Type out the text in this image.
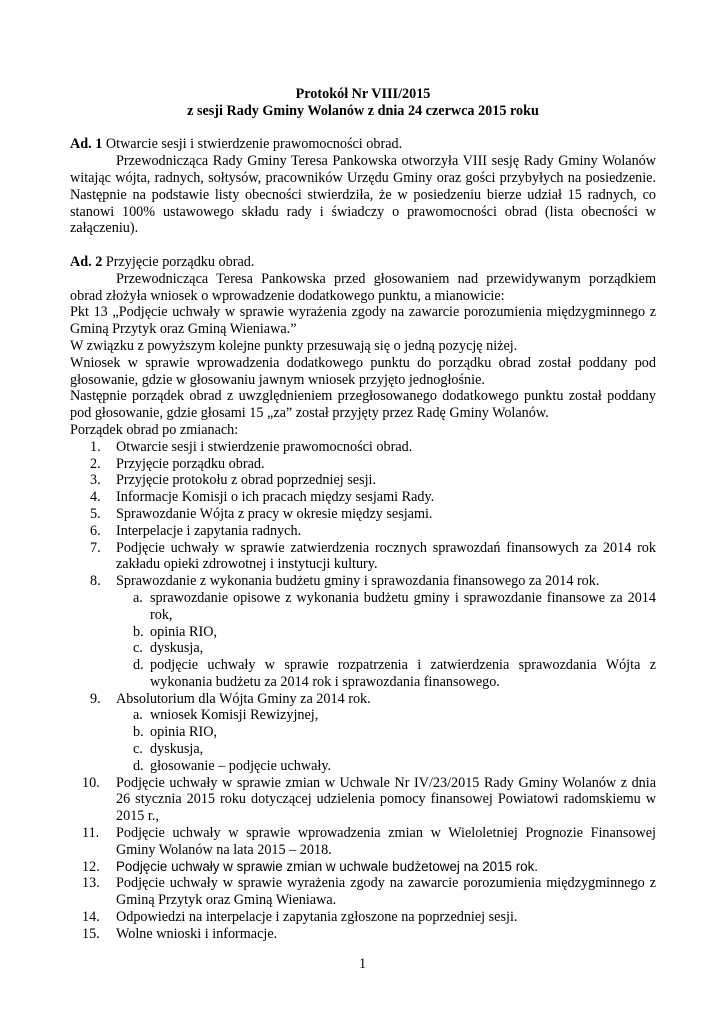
Protokół Nr VIII/2015
z sesji Rady Gminy Wolanów z dnia 24 czerwca 2015 roku
Ad. 1 Otwarcie sesji i stwierdzenie prawomocności obrad.
Przewodnicząca Rady Gminy Teresa Pankowska otworzyła VIII sesję Rady Gminy Wolanów witając wójta, radnych, sołtysów, pracowników Urzędu Gminy oraz gości przybyłych na posiedzenie. Następnie na podstawie listy obecności stwierdziła, że w posiedzeniu bierze udział 15 radnych, co stanowi 100% ustawowego składu rady i świadczy o prawomocności obrad (lista obecności w załączeniu).
Ad. 2 Przyjęcie porządku obrad.
Przewodnicząca Teresa Pankowska przed głosowaniem nad przewidywanym porządkiem obrad złożyła wniosek o wprowadzenie dodatkowego punktu, a mianowicie:
Pkt 13 „Podjęcie uchwały w sprawie wyrażenia zgody na zawarcie porozumienia międzygminnego z Gminą Przytyk oraz Gminą Wieniawa.”
W związku z powyższym kolejne punkty przesuwają się o jedną pozycję niżej.
Wniosek w sprawie wprowadzenia dodatkowego punktu do porządku obrad został poddany pod głosowanie, gdzie w głosowaniu jawnym wniosek przyjęto jednogłośnie.
Następnie porządek obrad z uwzględnieniem przegłosowanego dodatkowego punktu został poddany pod głosowanie, gdzie głosami 15 „za” został przyjęty przez Radę Gminy Wolanów.
Porządek obrad po zmianach:
1. Otwarcie sesji i stwierdzenie prawomocności obrad.
2. Przyjęcie porządku obrad.
3. Przyjęcie protokołu z obrad poprzedniej sesji.
4. Informacje Komisji o ich pracach między sesjami Rady.
5. Sprawozdanie Wójta z pracy w okresie między sesjami.
6. Interpelacje i zapytania radnych.
7. Podjęcie uchwały w sprawie zatwierdzenia rocznych sprawozdań finansowych za 2014 rok zakładu opieki zdrowotnej i instytucji kultury.
8. Sprawozdanie z wykonania budżetu gminy i sprawozdania finansowego za 2014 rok.
a. sprawozdanie opisowe z wykonania budżetu gminy i sprawozdanie finansowe za 2014 rok,
b. opinia RIO,
c. dyskusja,
d. podjęcie uchwały w sprawie rozpatrzenia i zatwierdzenia sprawozdania Wójta z wykonania budżetu za 2014 rok i sprawozdania finansowego.
9. Absolutorium dla Wójta Gminy za 2014 rok.
a. wniosek Komisji Rewizyjnej,
b. opinia RIO,
c. dyskusja,
d. głosowanie – podjęcie uchwały.
10. Podjęcie uchwały w sprawie zmian w Uchwale Nr IV/23/2015 Rady Gminy Wolanów z dnia 26 stycznia 2015 roku dotyczącej udzielenia pomocy finansowej Powiatowi radomskiemu w 2015 r.,
11. Podjęcie uchwały w sprawie wprowadzenia zmian w Wieloletniej Prognozie Finansowej Gminy Wolanów na lata 2015 – 2018.
12. Podjęcie uchwały w sprawie zmian w uchwale budżetowej na 2015 rok.
13. Podjęcie uchwały w sprawie wyrażenia zgody na zawarcie porozumienia międzygminnego z Gminą Przytyk oraz Gminą Wieniawa.
14. Odpowiedzi na interpelacje i zapytania zgłoszone na poprzedniej sesji.
15. Wolne wnioski i informacje.
1
